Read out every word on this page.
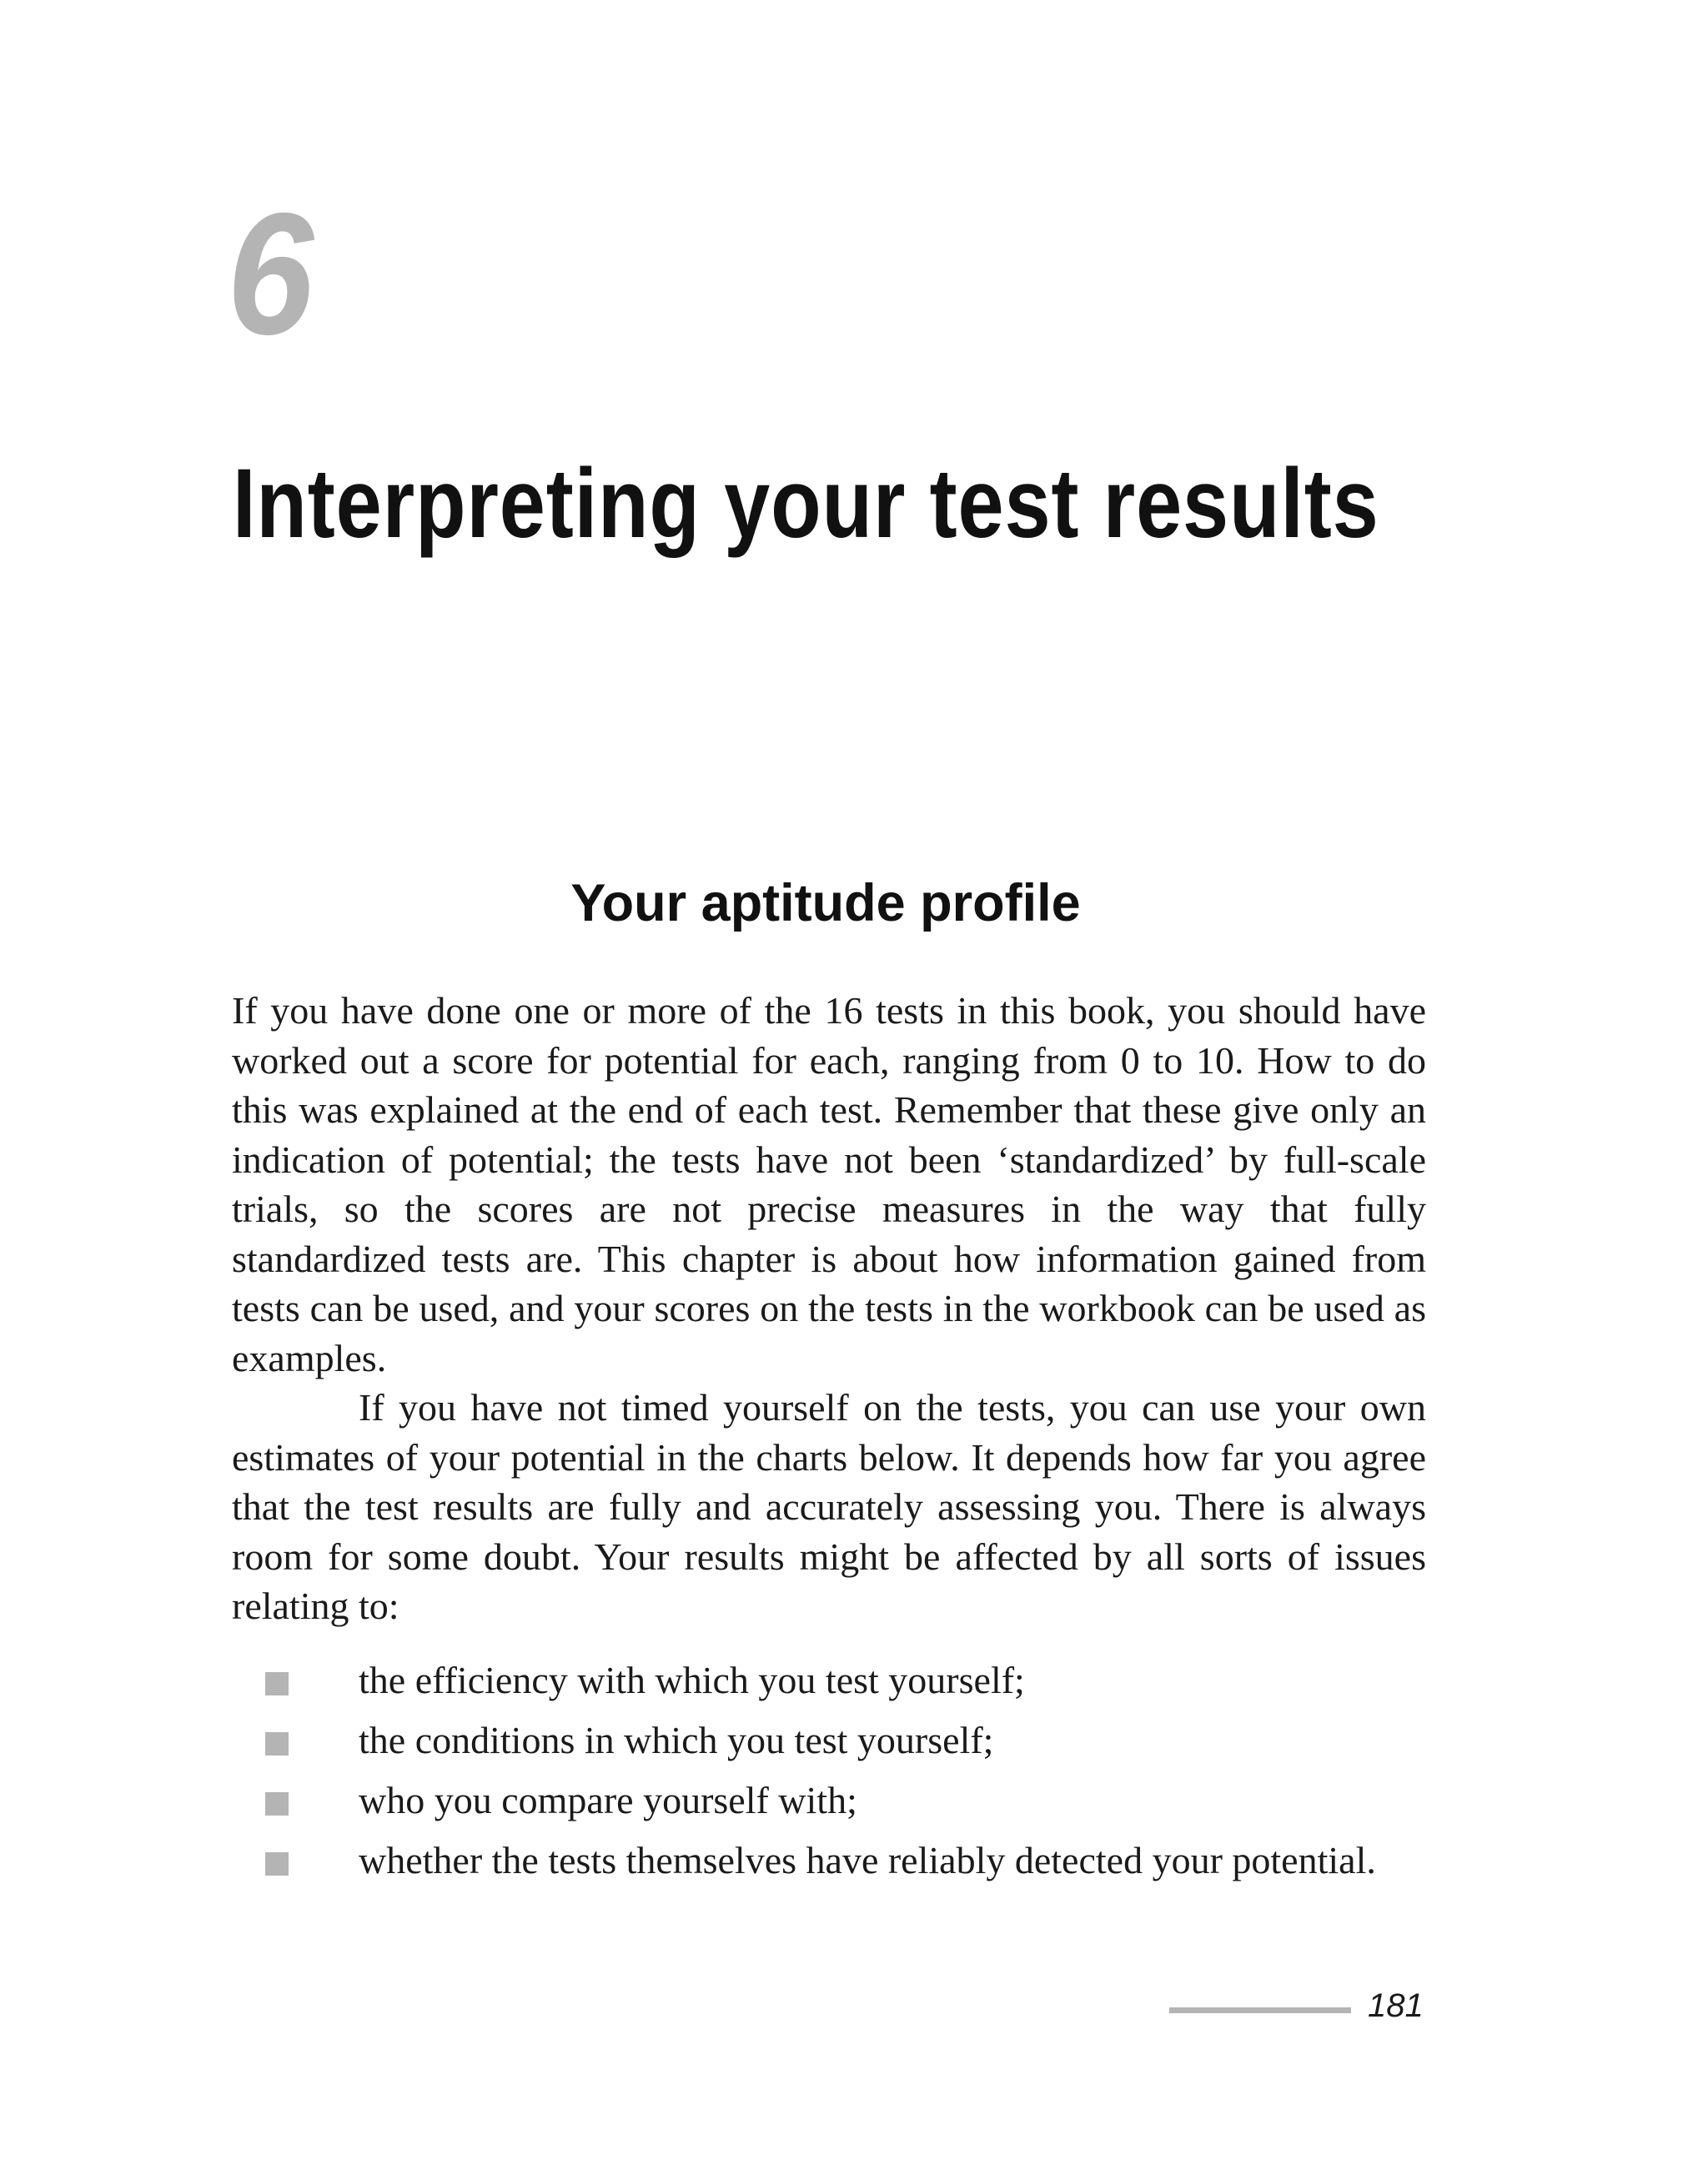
6
Interpreting your test results
Your aptitude profile

If you have done one or more of the 16 tests in this book, you should have worked out a score for potential for each, ranging from 0 to 10. How to do this was explained at the end of each test. Remember that these give only an indication of potential; the tests have not been ‘standardized’ by full-scale trials, so the scores are not precise measures in the way that fully standardized tests are. This chapter is about how information gained from tests can be used, and your scores on the tests in the workbook can be used as examples.

If you have not timed yourself on the tests, you can use your own estimates of your potential in the charts below. It depends how far you agree that the test results are fully and accurately assessing you. There is always room for some doubt. Your results might be affected by all sorts of issues relating to:

the efficiency with which you test yourself;
the conditions in which you test yourself;
who you compare yourself with;
whether the tests themselves have reliably detected your potential.
181
